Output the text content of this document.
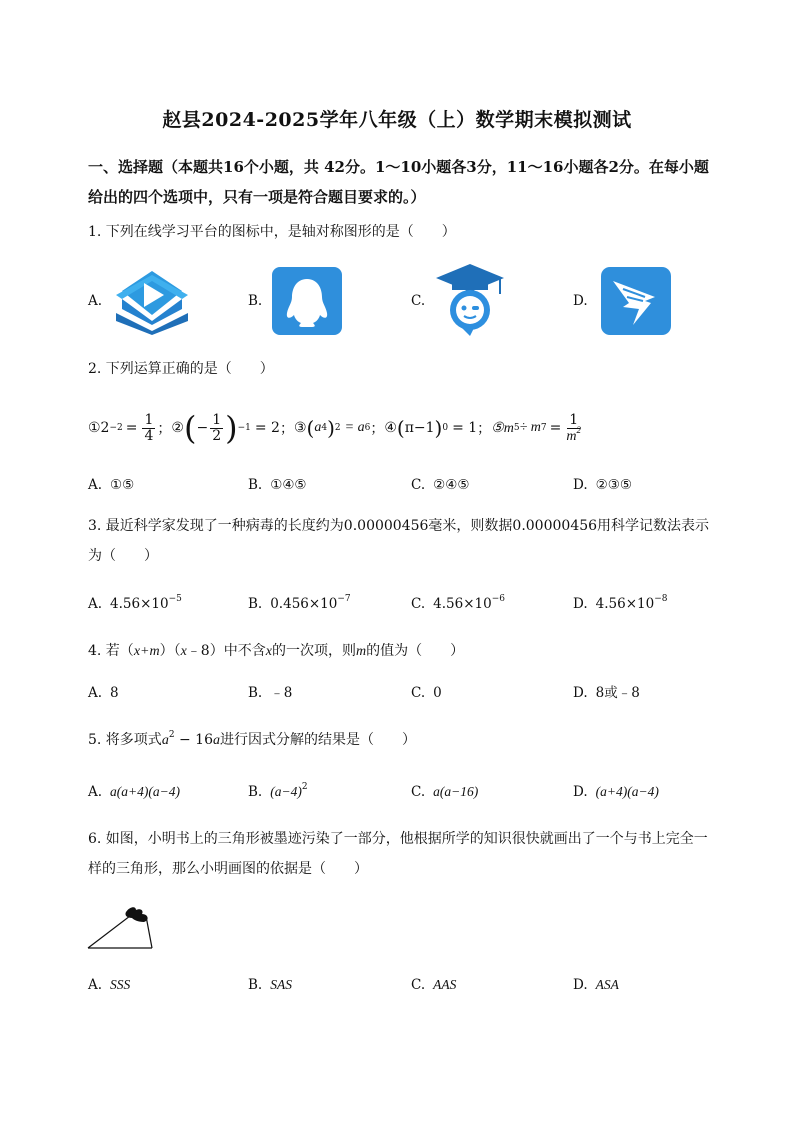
赵县2024-2025学年八年级（上）数学期末模拟测试
一、选择题（本题共16个小题，共 42分。1～10小题各3分，11～16小题各2分。在每小题给出的四个选项中，只有一项是符合题目要求的。）
1. 下列在线学习平台的图标中，是轴对称图形的是（　　）
A.	B.	C.	D.
2. 下列运算正确的是（　　）
①2 $-2 = \frac{1}{4}$ ； ② ( − $\frac{1}{2}$ ) −1 = 2 ； ③ ( a 4 ) 2 = a 6 ； ④ ( π−1 ) 0 = 1 ； ⑤m 5 ÷ m $7 = \frac{1}{m^2}$
A. ①⑤	B. ①④⑤	C. ②④⑤	D. ②③⑤
3. 最近科学家发现了一种病毒的长度约为0.00000456毫米，则数据0.00000456用科学记数法表示为（　　）
A. $4.56\times 10^{-5}$	B. $0.456\times 10^{-7}$	C. $4.56\times 10^{-6}$	D. $4.56\times 10^{-8}$
4. 若（x+m）（x﹣8）中不含x的一次项，则m的值为（　　）
A. 8	B. ﹣8	C. 0	D. 8或﹣8
5. 将多项式$a^2 - 16a$进行因式分解的结果是（　　）
A. a(a+4)(a−4)	B. $(a-4)^2$	C. a(a−16)	D. (a+4)(a−4)
6. 如图，小明书上的三角形被墨迹污染了一部分，他根据所学的知识很快就画出了一个与书上完全一样的三角形，那么小明画图的依据是（　　）
A. SSS	B. SAS	C. AAS	D. ASA
